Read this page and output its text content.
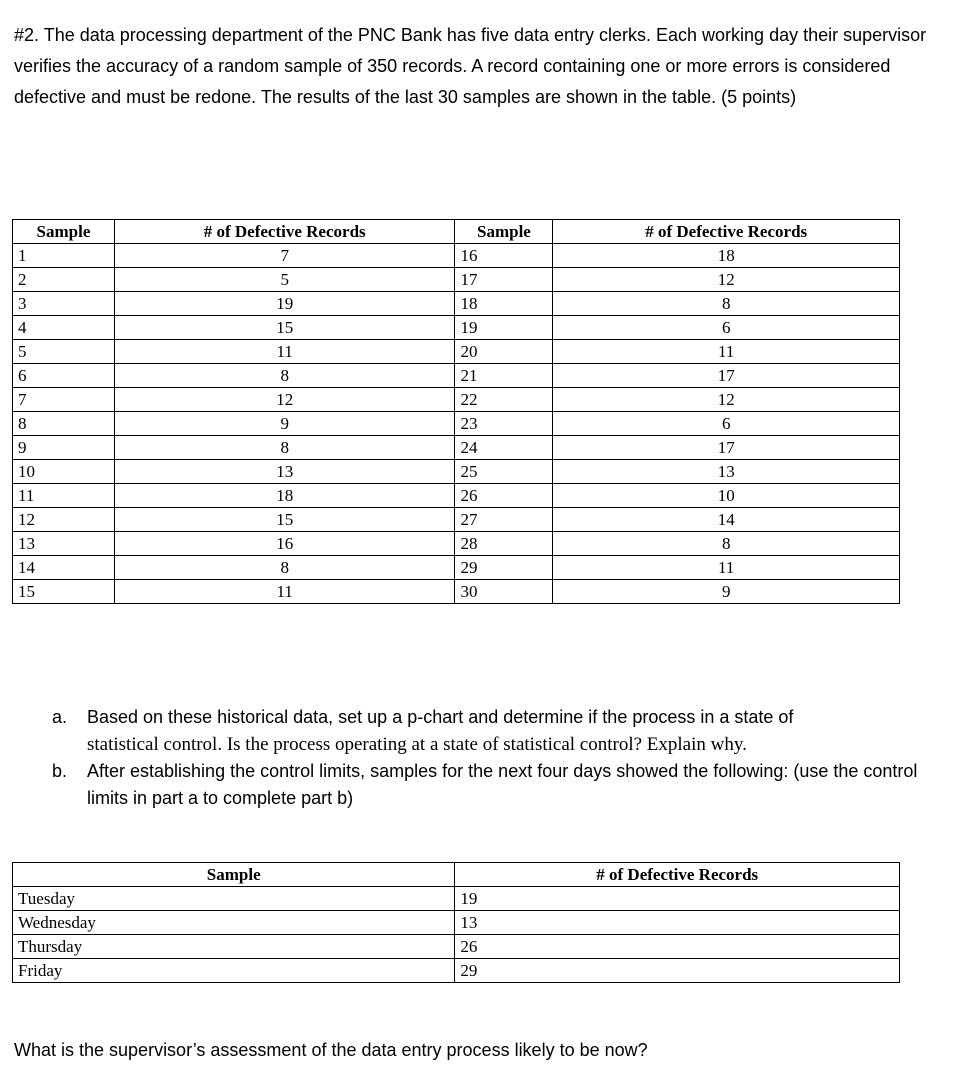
#2. The data processing department of the PNC Bank has five data entry clerks. Each working day their supervisor verifies the accuracy of a random sample of 350 records. A record containing one or more errors is considered defective and must be redone. The results of the last 30 samples are shown in the table. (5 points)
Sample	# of Defective Records	Sample	# of Defective Records
1	7	16	18
2	5	17	12
3	19	18	8
4	15	19	6
5	11	20	11
6	8	21	17
7	12	22	12
8	9	23	6
9	8	24	17
10	13	25	13
11	18	26	10
12	15	27	14
13	16	28	8
14	8	29	11
15	11	30	9
a. Based on these historical data, set up a p-chart and determine if the process in a state of
statistical control. Is the process operating at a state of statistical control? Explain why.
b. After establishing the control limits, samples for the next four days showed the following: (use the control limits in part a to complete part b)
Sample	# of Defective Records
Tuesday	19
Wednesday	13
Thursday	26
Friday	29
What is the supervisor’s assessment of the data entry process likely to be now?
